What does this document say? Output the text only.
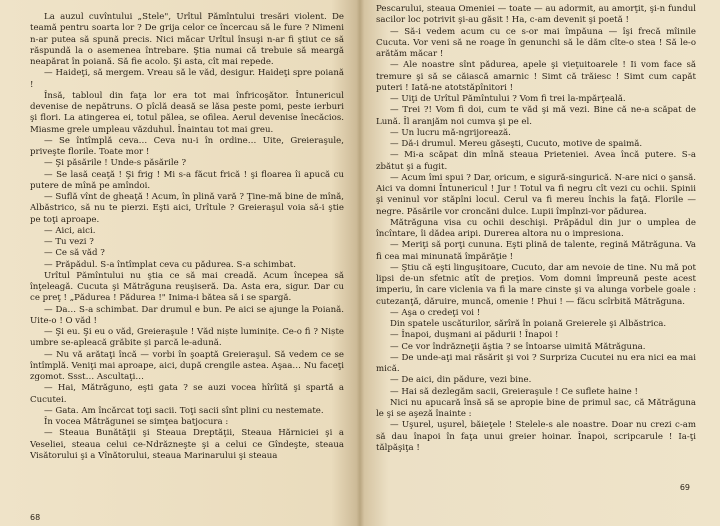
La auzul cuvîntului „Stele", Urîtul Pămîntului tresări violent. De teamă pentru soarta lor ? De grija celor ce încercau să le fure ? Nimeni n-ar putea să spună precis. Nici măcar Urîtul însuşi n-ar fi ştiut ce să răspundă la o asemenea întrebare. Ştia numai că trebuie să meargă neapărat în poiană. Să fie acolo. Şi asta, cît mai repede.

— Haideţi, să mergem. Vreau să le văd, desigur. Haideţi spre poiană !

Însă, tabloul din faţa lor era tot mai înfricoşător. Întunericul devenise de nepătruns. O pîclă deasă se lăsa peste pomi, peste ierburi şi flori. La atingerea ei, totul pălea, se ofilea. Aerul devenise înecăcios. Miasme grele umpleau văzduhul. Înaintau tot mai greu.

— Se întîmplă ceva… Ceva nu-i în ordine… Uite, Greieraşule, priveşte florile. Toate mor !

— Şi păsările ! Unde-s păsările ?

— Se lasă ceaţă ! Şi frig ! Mi s-a făcut frică ! şi floarea îi apucă cu putere de mînă pe amîndoi.

— Suflă vînt de gheaţă ! Acum, în plină vară ? Ţine-mă bine de mînă, Albăstrico, să nu te pierzi. Eşti aici, Urîtule ? Greieraşul voia să-i ştie pe toţi aproape.

— Aici, aici.

— Tu vezi ?

— Ce să văd ?

— Prăpădul. S-a întîmplat ceva cu pădurea. S-a schimbat.

Urîtul Pămîntului nu ştia ce să mai creadă. Acum începea să înţeleagă. Cucuta şi Mătrăguna reuşiseră. Da. Asta era, sigur. Dar cu ce preţ ! „Pădurea ! Pădurea !" Inima-i bătea să i se spargă.

— Da… S-a schimbat. Dar drumul e bun. Pe aici se ajunge la Poiană. Uite-o ! O văd !

— Şi eu. Şi eu o văd, Greieraşule ! Văd niște luminițe. Ce-o fi ? Niște umbre se-apleacă grăbite și parcă le-adună.

— Nu vă arătaţi încă — vorbi în şoaptă Greieraşul. Să vedem ce se întîmplă. Veniţi mai aproape, aici, după crengile astea. Aşaa… Nu faceţi zgomot. Ssst… Ascultaţi…

— Hai, Mătrăguno, eşti gata ? se auzi vocea hîrîită şi spartă a Cucutei.

— Gata. Am încărcat toţi sacii. Toţi sacii sînt plini cu nestemate.

În vocea Mătrăgunei se simţea batjocura :

— Steaua Bunătăţii şi Steaua Dreptăţii, Steaua Hărniciei şi a Veseliei, steaua celui ce-Ndrăzneşte şi a celui ce Gîndeşte, steaua Visătorului şi a Vînătorului, steaua Marinarului şi steaua

68

Pescarului, steaua Omeniei — toate — au adormit, au amorţit, şi-n fundul sacilor loc potrivit şi-au găsit ! Ha, c-am devenit şi poetă !

— Să-i vedem acum cu ce s-or mai împăuna — îşi frecă mîinile Cucuta. Vor veni să ne roage în genunchi să le dăm cîte-o stea ! Să le-o arătăm măcar !

— Ale noastre sînt pădurea, apele şi vieţuitoarele ! Ii vom face să tremure şi să se căiască amarnic ! Simt că trăiesc ! Simt cum capăt puteri ! Iată-ne atotstăpînitori !

— Uiţi de Urîtul Pămîntului ? Vom fi trei la-mpărţeală.

— Trei ?! Vom fi doi, cum te văd şi mă vezi. Bine că ne-a scăpat de Lună. Îl aranjăm noi cumva şi pe el.

— Un lucru mă-ngrijorează.

— Dă-i drumul. Mereu găseşti, Cucuto, motive de spaimă.

— Mi-a scăpat din mînă steaua Prieteniei. Avea încă putere. S-a zbătut şi a fugit.

— Acum îmi spui ? Dar, oricum, e sigură-singurică. N-are nici o şansă. Aici va domni Întunericul ! Jur ! Totul va fi negru cît vezi cu ochii. Spinii şi veninul vor stăpîni locul. Cerul va fi mereu închis la faţă. Florile — negre. Păsările vor croncăni dulce. Lupii împînzi-vor pădurea.

Mătrăguna visa cu ochii deschişi. Prăpădul din jur o umplea de încîntare, îi dădea aripi. Durerea altora nu o impresiona.

— Meriţi să porţi cununa. Eşti plină de talente, regină Mătrăguna. Va fi cea mai minunată împărăţie !

— Ştiu că eşti linguşitoare, Cucuto, dar am nevoie de tine. Nu mă pot lipsi de-un sfetnic atît de preţios. Vom domni împreună peste acest imperiu, în care viclenia va fi la mare cinste şi va alunga vorbele goale : cutezanţă, dăruire, muncă, omenie ! Phui ! — făcu scîrbită Mătrăguna.

— Aşa o credeţi voi !

Din spatele uscăturilor, sărîră în poiană Greierele şi Albăstrica.

— Înapoi, duşmani ai pădurii ! Înapoi !

— Ce vor îndrăzneţii ăştia ? se întoarse uimită Mătrăguna.

— De unde-aţi mai răsărit şi voi ? Surpriza Cucutei nu era nici ea mai mică.

— De aici, din pădure, vezi bine.

— Hai să dezlegăm sacii, Greieraşule ! Ce suflete haine !

Nici nu apucară însă să se apropie bine de primul sac, că Mătrăguna le şi se aşeză înainte :

— Uşurel, uşurel, băieţele ! Stelele-s ale noastre. Doar nu crezi c-am să dau înapoi în faţa unui greier hoinar. Înapoi, scripcarule ! Ia-ţi tălpăşiţa !

69
